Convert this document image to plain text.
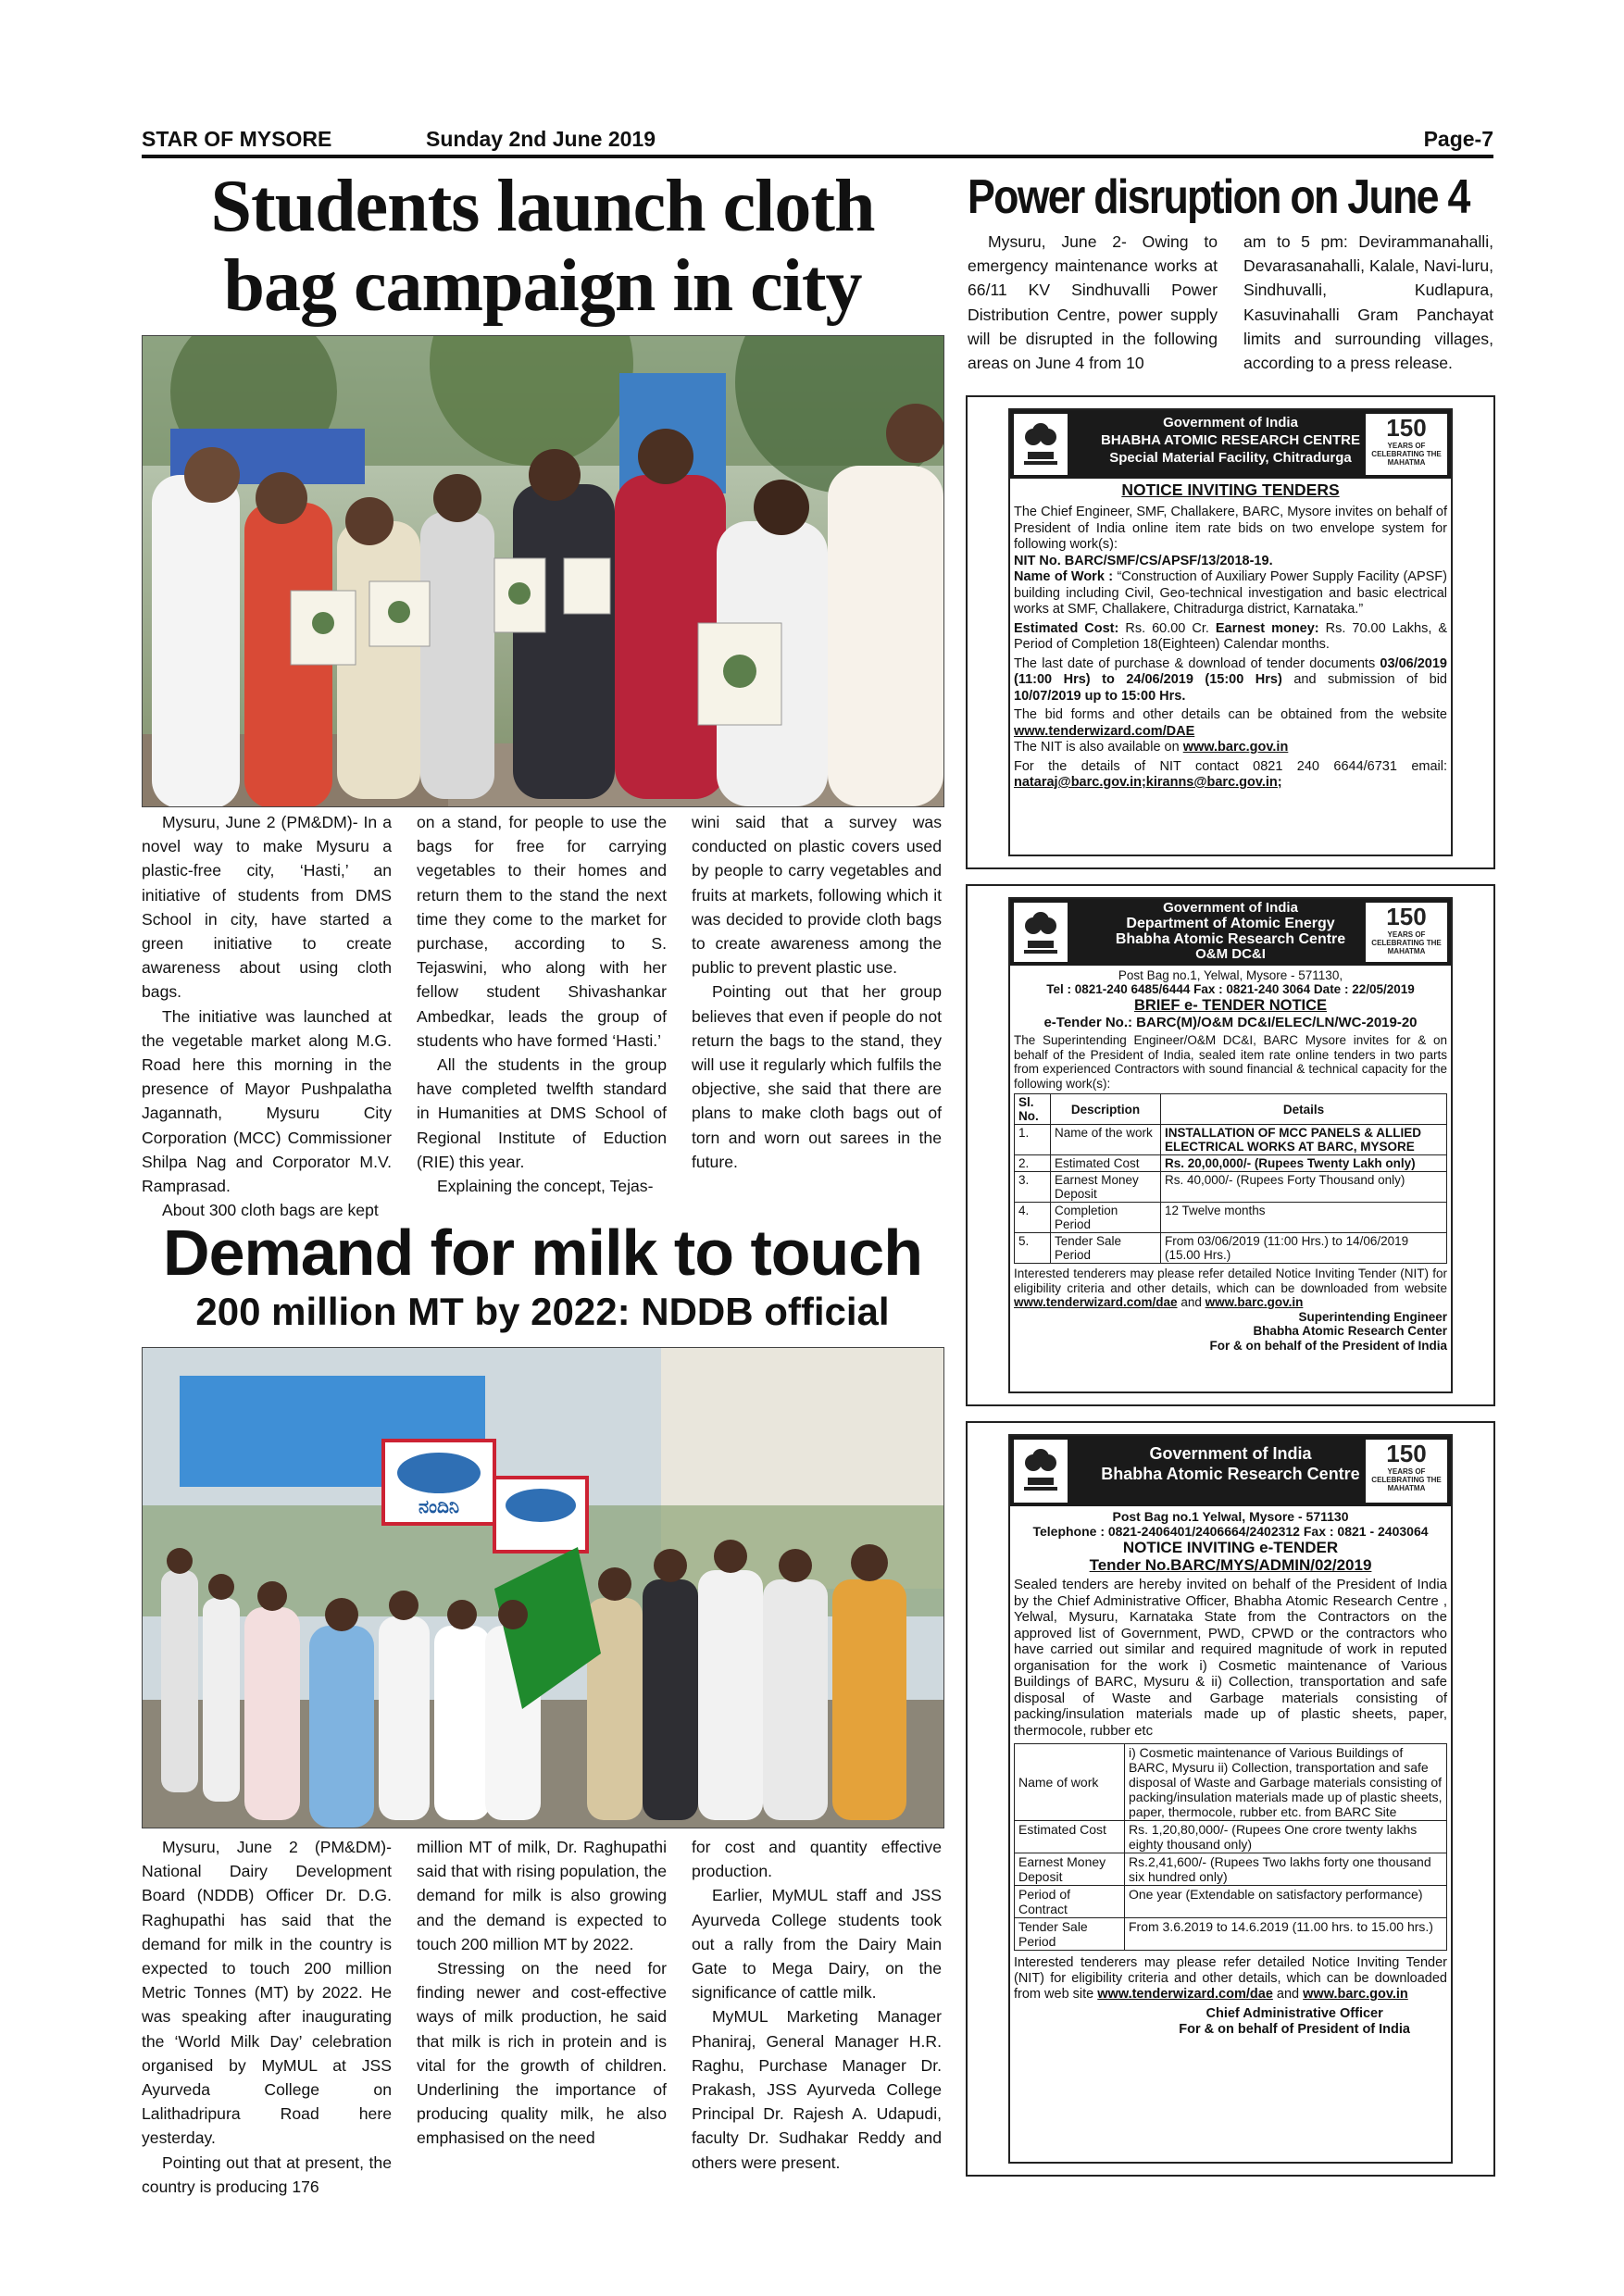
STAR OF MYSORE	Sunday 2nd June 2019	Page-7
Students launch cloth
bag campaign in city

Mysuru, June 2 (PM&DM)- In a novel way to make Mysuru a plastic-free city, ‘Hasti,’ an initiative of students from DMS School in city, have started a green initiative to create awareness about using cloth bags.

The initiative was launched at the vegetable market along M.G. Road here this morning in the presence of Mayor Pushpalatha Jagannath, Mysuru City Corporation (MCC) Commissioner Shilpa Nag and Corporator M.V. Ramprasad.

About 300 cloth bags are kept

on a stand, for people to use the bags for free for carrying vegetables to their homes and return them to the stand the next time they come to the market for purchase, according to S. Tejaswini, who along with her fellow student Shivashankar Ambedkar, leads the group of students who have formed ‘Hasti.’

All the students in the group have completed twelfth standard in Humanities at DMS School of Regional Institute of Eduction (RIE) this year.

Explaining the concept, Tejas-

wini said that a survey was conducted on plastic covers used by people to carry vegetables and fruits at markets, following which it was decided to provide cloth bags to create awareness among the public to prevent plastic use.

Pointing out that her group believes that even if people do not return the bags to the stand, they will use it regularly which fulfils the objective, she said that there are plans to make cloth bags out of torn and worn out sarees in the future.

Power disruption on June 4

Mysuru, June 2- Owing to emergency maintenance works at 66/11 KV Sindhuvalli Power Distribution Centre, power supply will be disrupted in the following areas on June 4 from 10

am to 5 pm: Devirammanahalli, Devarasanahalli, Kalale, Navi-luru, Sindhuvalli, Kudlapura, Kasuvinahalli Gram Panchayat limits and surrounding villages, according to a press release.

Demand for milk to touch
200 million MT by 2022: NDDB official
ನಂದಿನಿ

Mysuru, June 2 (PM&DM)- National Dairy Development Board (NDDB) Officer Dr. D.G. Raghupathi has said that the demand for milk in the country is expected to touch 200 million Metric Tonnes (MT) by 2022. He was speaking after inaugurating the ‘World Milk Day’ celebration organised by MyMUL at JSS Ayurveda College on Lalithadripura Road here yesterday.

Pointing out that at present, the country is producing 176

million MT of milk, Dr. Raghupathi said that with rising population, the demand for milk is also growing and the demand is expected to touch 200 million MT by 2022.

Stressing on the need for finding newer and cost-effective ways of milk production, he said that milk is rich in protein and is vital for the growth of children. Underlining the importance of producing quality milk, he also emphasised on the need

for cost and quantity effective production.

Earlier, MyMUL staff and JSS Ayurveda College students took out a rally from the Dairy Main Gate to Mega Dairy, on the significance of cattle milk.

MyMUL Marketing Manager Phaniraj, General Manager H.R. Raghu, Purchase Manager Dr. Prakash, JSS Ayurveda College Principal Dr. Rajesh A. Udapudi, faculty Dr. Sudhakar Reddy and others were present.

150
YEARS OF CELEBRATING THE MAHATMA
Government of India
BHABHA ATOMIC RESEARCH CENTRE
Special Material Facility, Chitradurga
NOTICE INVITING TENDERS
The Chief Engineer, SMF, Challakere, BARC, Mysore invites on behalf of President of India online item rate bids on two envelope system for following work(s):
NIT No. BARC/SMF/CS/APSF/13/2018-19.
Name of Work : “Construction of Auxiliary Power Supply Facility (APSF) building including Civil, Geo-technical investigation and basic electrical works at SMF, Challakere, Chitradurga district, Karnataka.”
Estimated Cost: Rs. 60.00 Cr. Earnest money: Rs. 70.00 Lakhs, & Period of Completion 18(Eighteen) Calendar months.
The last date of purchase & download of tender documents 03/06/2019 (11:00 Hrs) to 24/06/2019 (15:00 Hrs) and submission of bid 10/07/2019 up to 15:00 Hrs.
The bid forms and other details can be obtained from the website www.tenderwizard.com/DAE
The NIT is also available on www.barc.gov.in
For the details of NIT contact 0821 240 6644/6731 email: nataraj@barc.gov.in;kiranns@barc.gov.in;
150
YEARS OF CELEBRATING THE MAHATMA
Government of India
Department of Atomic Energy
Bhabha Atomic Research Centre
O&M DC&I
Post Bag no.1, Yelwal, Mysore - 571130,
Tel : 0821-240 6485/6444 Fax : 0821-240 3064 Date : 22/05/2019
BRIEF e- TENDER NOTICE
e-Tender No.: BARC(M)/O&M DC&I/ELEC/LN/WC-2019-20
The Superintending Engineer/O&M DC&I, BARC Mysore invites for & on behalf of the President of India, sealed item rate online tenders in two parts from experienced Contractors with sound financial & technical capacity for the following work(s):
Sl. No.	Description	Details
1.	Name of the work	INSTALLATION OF MCC PANELS & ALLIED ELECTRICAL WORKS AT BARC, MYSORE
2.	Estimated Cost	Rs. 20,00,000/- (Rupees Twenty Lakh only)
3.	Earnest Money Deposit	Rs. 40,000/- (Rupees Forty Thousand only)
4.	Completion Period	12 Twelve months
5.	Tender Sale Period	From 03/06/2019 (11:00 Hrs.) to 14/06/2019 (15.00 Hrs.)
Interested tenderers may please refer detailed Notice Inviting Tender (NIT) for eligibility criteria and other details, which can be downloaded from website www.tenderwizard.com/dae and www.barc.gov.in
Superintending Engineer
Bhabha Atomic Research Center
For & on behalf of the President of India
150
YEARS OF CELEBRATING THE MAHATMA
Government of India
Bhabha Atomic Research Centre
Post Bag no.1 Yelwal, Mysore - 571130
Telephone : 0821-2406401/2406664/2402312 Fax : 0821 - 2403064
NOTICE INVITING e-TENDER
Tender No.BARC/MYS/ADMIN/02/2019
Sealed tenders are hereby invited on behalf of the President of India by the Chief Administrative Officer, Bhabha Atomic Research Centre , Yelwal, Mysuru, Karnataka State from the Contractors on the approved list of Government, PWD, CPWD or the contractors who have carried out similar and required magnitude of work in reputed organisation for the work i) Cosmetic maintenance of Various Buildings of BARC, Mysuru & ii) Collection, transportation and safe disposal of Waste and Garbage materials consisting of packing/insulation materials made up of plastic sheets, paper, thermocole, rubber etc
Name of work	i) Cosmetic maintenance of Various Buildings of BARC, Mysuru ii) Collection, transportation and safe disposal of Waste and Garbage materials consisting of packing/insulation materials made up of plastic sheets, paper, thermocole, rubber etc. from BARC Site
Estimated Cost	Rs. 1,20,80,000/- (Rupees One crore twenty lakhs eighty thousand only)
Earnest Money Deposit	Rs.2,41,600/- (Rupees Two lakhs forty one thousand six hundred only)
Period of Contract	One year (Extendable on satisfactory performance)
Tender Sale Period	From 3.6.2019 to 14.6.2019 (11.00 hrs. to 15.00 hrs.)
Interested tenderers may please refer detailed Notice Inviting Tender (NIT) for eligibility criteria and other details, which can be downloaded from web site www.tenderwizard.com/dae and www.barc.gov.in
Chief Administrative Officer
For & on behalf of President of India
